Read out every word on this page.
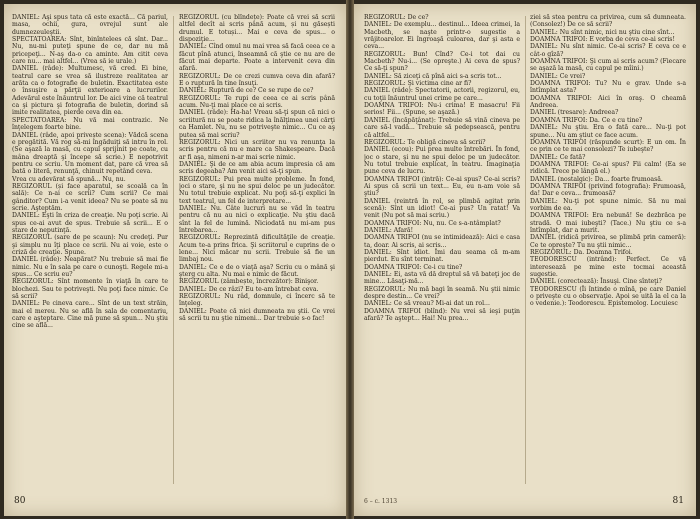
DANIEL: Aşi spus tata că este exactă... Că pariul, masa, ochii, gura, ovrejul sunt ale dumnezeuleştii.

SPECTATOAREA: Sînt, binîntelees că sînt. Dar... Nu, nu-mi puteţi spune de ce, dar nu mă pricepeţi... N-aş da-o ca aminte. Am citit ceva care nu... mai altfel... (Vrea să ie urale.)

DANIEL (râde): Multumesc, vă cred. Ei bine, teatrul care se vrea să ilustreze realitatea ar arăta ca o fotografie de buletin. Exactitatea este o însuşire a părţii exterioare a lucrurilor. Adevărul este înăuntrul lor. De aici vine că teatrul ca şi pictura şi fotografia de buletin, dorind să imite realitatea, pierde ceva din ea.

SPECTATOAREA: Nu vă mai contrazic. Ne înţelegem foarte bine.

DANIEL (râde, apoi privește scena): Vădcă scena e pregătită. Vă rog să-mi îngăduiţi să intru în rol. (Se aşază la masă, cu capul sprijinit pe coate, cu mâna dreaptă şi începe să scrie.) E nepotrivit pentru ce scriu. Un moment dat, pare că vrea să bată o literă, renunţă, chinuit repetând ceva.

Vrea cu adevărat să spună... Nu, nu.

REGIZORUL (și face aparatul, se scoală ca în sală): Ce n-ai ce scrii? Cum scrii? Ce mai gânditor? Cum i-a venit ideea? Nu se poate să nu scrie. Aşteptăm.

DANIEL: Eşti în criza de creaţie. Nu poţi scrie. Ai spus ce-ai avut de spus. Trebuie să scrii... E o stare de neputinţă.

REGIZORUL (sare de pe scaun): Nu credeţi. Pur şi simplu nu îţi place ce scrii. Nu ai voie, este o criză de creaţie. Spune.

DANIEL (râde): Neapărat? Nu trebuie să mai fie nimic. Nu e în sala pe care o cunoşti. Regele mi-a spus... Ce scriu eu?

REGIZORUL: Sînt momente în viaţă în care te blochezi. Sau te potriveşti. Nu poţi face nimic. Ce să scrii?

DANIEL: Pe cineva care... Sînt de un text străin, mai el mereu. Nu se află în sala de comentariu, care e aşteptare. Cine mă pune să spun... Nu ştiu cine se află...

REGIZORUL (cu blîndețe): Poate că vrei să scrii altfel decît ai scris până acum, și nu găsești drumul. E totuși... Mai e ceva de spus... o dispoziţie...

DANIEL: Cînd omul nu mai vrea să facă ceea ce a făcut pînă atunci, înseamnă că ştie ce nu are de făcut mai departe. Poate a intervenit ceva din afară.

REGIZORUL: De ce crezi cumva ceva din afară? E o ruptură în tine însuţi.

DANIEL: Ruptură de ce? Ce se rupe de ce?

REGIZORUL: Te rupi de ceea ce ai scris până acum. Nu-ţi mai place ce ai scris.

DANIEL (râde): Ha-ha! Vreau să-ţi spun că nici o scriitură nu se poate ridica la înălţimea unei cărţi ca Hamlet. Nu, nu se potriveşte nimic... Cu ce aş putea să mai scriu?

REGIZORUL: Nici un scriitor nu va renunţa la scris pentru că nu e mare ca Shakespeare. Dacă ar fi aşa, nimeni n-ar mai scrie nimic.

DANIEL: Şi de ce am abia acum impresia că am scris degeaba? Am venit aici să-ţi spun.

REGIZORUL: Pui prea multe probleme. În fond, joci o stare, şi nu ne spui deloc pe un judecător. Nu totul trebuie explicat. Nu poţi să-ţi explici în text teatrul, un fel de interpretare...

DANIEL: Nu. Câte lucruri nu se văd în teatru pentru că nu au nici o explicaţie. Nu ştiu dacă sînt la fel de lumină. Niciodată nu mi-am pus întrebarea...

REGIZORUL: Reprezintă dificultăţile de creaţie. Acum te-a prins frica. Şi scriitorul e cuprins de o lene... Nici măcar nu scrii. Trebuie să fie un limbaj nou.

DANIEL: Ce e de o viaţă aşa? Scriu cu o mână şi şterg cu alta. Nu mai e nimic de făcut.

REGIZORUL (zâmbește, încrezător): Binişor.

DANIEL: De ce râzi? Eu te-am întrebat ceva.

REGIZORUL: Nu râd, domnule, ci încerc să te înţeleg.

DANIEL: Poate că nici dumneata nu ştii. Ce vrei să scrii tu nu ştie nimeni... Dar trebuie s-o fac!

80

REGIZORUL: De ce?

DANIEL: De exemplu... destinul... Ideea crimei, la Macbeth, se naşte printr-o sugestie a vrăjitoarelor. Ei îngroaşă culoarea, dar şi asta e ceva...

REGIZORUL: Bun! Cînd? Ce-i tot dai cu Macbeth? Nu-i... (Se opreşte.) Ai ceva de spus? Ce să-ţi spun?

DANIEL: Să ziceţi că pînă aici s-a scris tot...

REGIZORUL: Şi victima cine ar fi?

DANIEL (râde): Spectatorii, actorii, regizorul, eu, cu toţii înăuntrul unei crime pe care...

DOAMNA TRIFOI: Nu-i crima! E masacru! Fii serios! Fii... (Spune, se aşază.)

DANIEL (încăpăţânat): Trebuie să vină cineva pe care să-l vadă... Trebuie să pedepsească, pentru că altfel...

REGIZORUL: Te obligă cineva să scrii?

DANIEL (ecou): Pui prea multe întrebări. În fond, joc o stare, şi nu ne spui deloc pe un judecător. Nu totul trebuie explicat, în teatru. Imaginaţia pune ceva de lucru.

DOAMNA TRIFOI (intră): Ce-ai spus? Ce-ai scris? Ai spus că scrii un text... Eu, eu n-am voie să ştiu?

DANIEL (reintră în rol, se plimbă agitat prin scenă): Sînt un idiot! Ce-ai pus? Un ratat! Va venit (Nu pot să mai scriu.)

DOAMNA TRIFOI: Nu, nu. Ce s-a-ntâmplat?

DANIEL: Afară!

DOAMNA TRIFOI (nu se intimidează): Aici e casa ta, doar. Ai scris, ai scris...

DANIEL: Sînt idiot. Îmi dau seama că m-am pierdut. Eu sînt terminat.

DOAMNA TRIFOI: Ce-i cu tine?

DANIEL: Ei, asta vă dă dreptul să vă bateţi joc de mine... Lăsaţi-mă...

REGIZORUL: Nu mă bagi în seamă. Nu ştii nimic despre destin... Ce vrei?

DANIEL: Ce să vreau? Mi-ai dat un rol...

DOAMNA TRIFOI (blînd): Nu vrei să ieşi puţin afară? Te aştept... Hai! Nu prea...

ziei să stea pentru ca privirea, cum să dumneata. (Consolez!) De ce să scrii?

DANIEL: Nu sînt nimic, nici nu ştiu cine sînt...

DOAMNA TRIFOI: E vorba de ceva ce-ai scris!

DANIEL: Nu sînt nimic. Ce-ai scris? E ceva ce e cât-o gîză?

DOAMNA TRIFOI: Şi cum ai scris acum? (Fiecare se aşază la masă, cu capul pe mîini.)

DANIEL: Ce vrei?

DOAMNA TRIFOI: Tu? Nu e grav. Unde s-a întîmplat asta?

DOAMNA TRIFOI: Aici în oraş. O cheamă Andreea.

DANIEL (tresare): Andreea?

DOAMNA TRIFOI: Da. Ce e cu tine?

DANIEL: Nu ştiu. Era o fată care... Nu-ţi pot spune... Nu am ştiut ce face acum.

DOAMNA TRIFOI (răspunde scurt): E un om. În ce prin ce te mai consolezi? Te iubeşte?

DANIEL: Ce fată?

DOAMNA TRIFOI: Ce-ai spus? Fii calm! (Ea se ridică. Trece pe lângă el.)

DANIEL (nostalgic): Da... foarte frumoasă.

DOAMNA TRIFOI (privind fotografia): Frumoasă, da! Dar e ceva... frumoasă?

DANIEL: Nu-ţi pot spune nimic. Să nu mai vorbim de ea.

DOAMNA TRIFOI: Era nebună! Se dezbrăca pe stradă. O mai iubeşti? (Tace.) Nu ştiu ce s-a întîmplat, dar a murit.

DANIEL (ridică privirea, se plimbă prin cameră): Ce te opreşte? Tu nu ştii nimic...

REGIZORUL: Da. Doamna Trifoi.

TEODORESCU (intrând): Perfect. Ce vă interesează pe mine este tocmai această sugestie.

DANIEL (corectează): Însuşi. Cine sînteţi?

TEODORESCU (Îi întinde o mînă, pe care Daniel o priveşte cu o observaţie. Apoi se uită la el ca la o vedenie.): Teodorescu. Epistemolog. Locuiesc

6 – c. 1313	81
